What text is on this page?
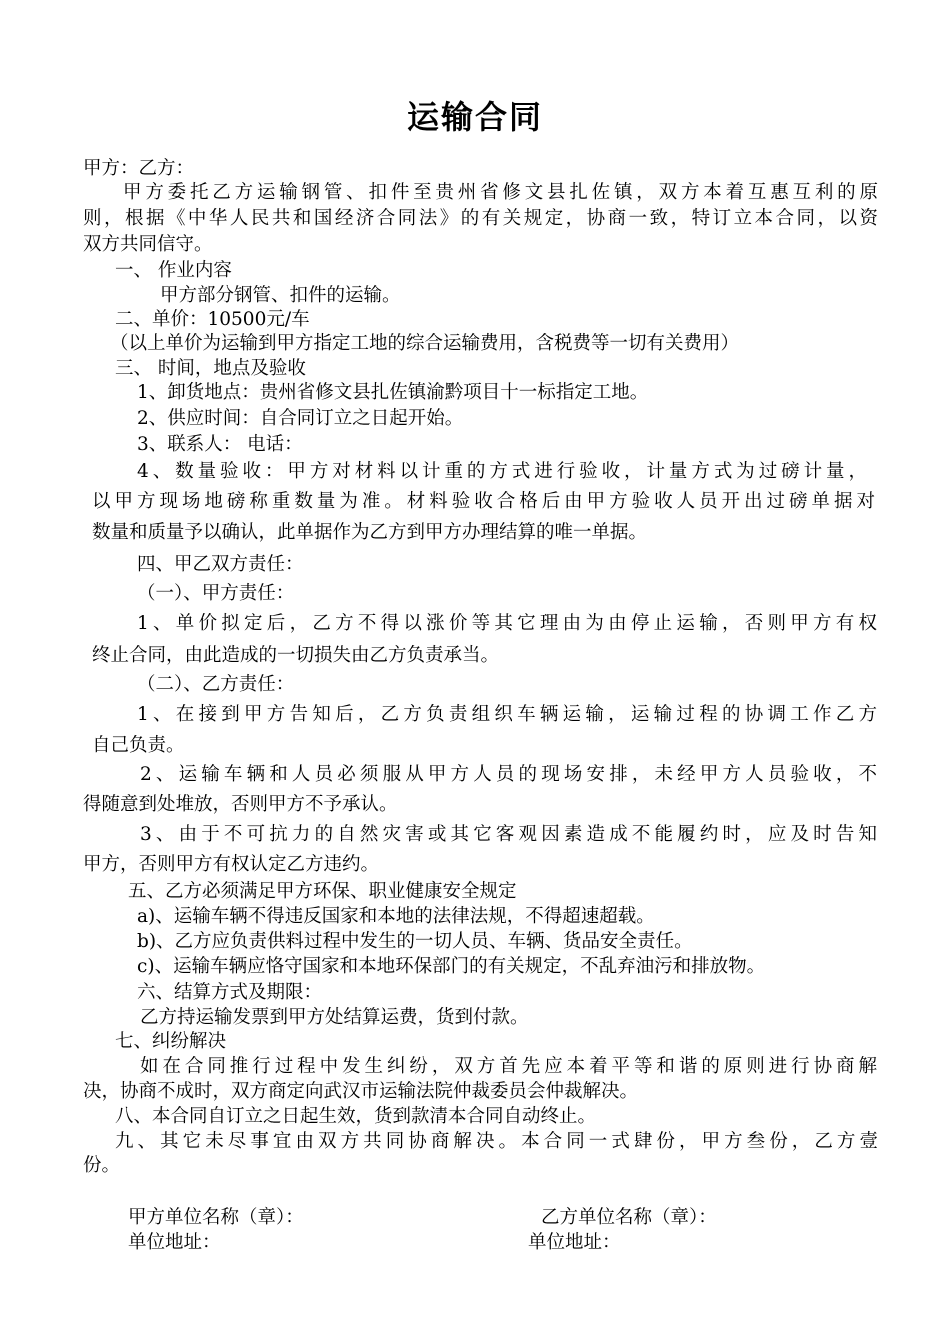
运输合同
甲方：乙方：
甲方委托乙方运输钢管、扣件至贵州省修文县扎佐镇，双方本着互惠互利的原
则，根据《中华人民共和国经济合同法》的有关规定，协商一致，特订立本合同，以资
双方共同信守。
一、 作业内容
甲方部分钢管、扣件的运输。
二、单价：10500元/车
（以上单价为运输到甲方指定工地的综合运输费用，含税费等一切有关费用）
三、 时间，地点及验收
1、卸货地点：贵州省修文县扎佐镇渝黔项目十一标指定工地。
2、供应时间：自合同订立之日起开始。
3、联系人： 电话：
4、数量验收：甲方对材料以计重的方式进行验收，计量方式为过磅计量，
以甲方现场地磅称重数量为准。材料验收合格后由甲方验收人员开出过磅单据对
数量和质量予以确认，此单据作为乙方到甲方办理结算的唯一单据。
四、甲乙双方责任：
（一）、甲方责任：
1、单价拟定后，乙方不得以涨价等其它理由为由停止运输，否则甲方有权
终止合同，由此造成的一切损失由乙方负责承当。
（二）、乙方责任：
1、在接到甲方告知后，乙方负责组织车辆运输，运输过程的协调工作乙方
自己负责。
2、运输车辆和人员必须服从甲方人员的现场安排，未经甲方人员验收，不
得随意到处堆放，否则甲方不予承认。
3、由于不可抗力的自然灾害或其它客观因素造成不能履约时，应及时告知
甲方，否则甲方有权认定乙方违约。
五、乙方必须满足甲方环保、职业健康安全规定
a)、运输车辆不得违反国家和本地的法律法规，不得超速超载。
b)、乙方应负责供料过程中发生的一切人员、车辆、货品安全责任。
c)、运输车辆应恪守国家和本地环保部门的有关规定，不乱弃油污和排放物。
六、结算方式及期限：
乙方持运输发票到甲方处结算运费，货到付款。
七、纠纷解决
如在合同推行过程中发生纠纷，双方首先应本着平等和谐的原则进行协商解
决，协商不成时，双方商定向武汉市运输法院仲裁委员会仲裁解决。
八、本合同自订立之日起生效，货到款清本合同自动终止。
九、其它未尽事宜由双方共同协商解决。本合同一式肆份，甲方叁份，乙方壹
份。
甲方单位名称（章）：	乙方单位名称（章）：
单位地址：	单位地址：
